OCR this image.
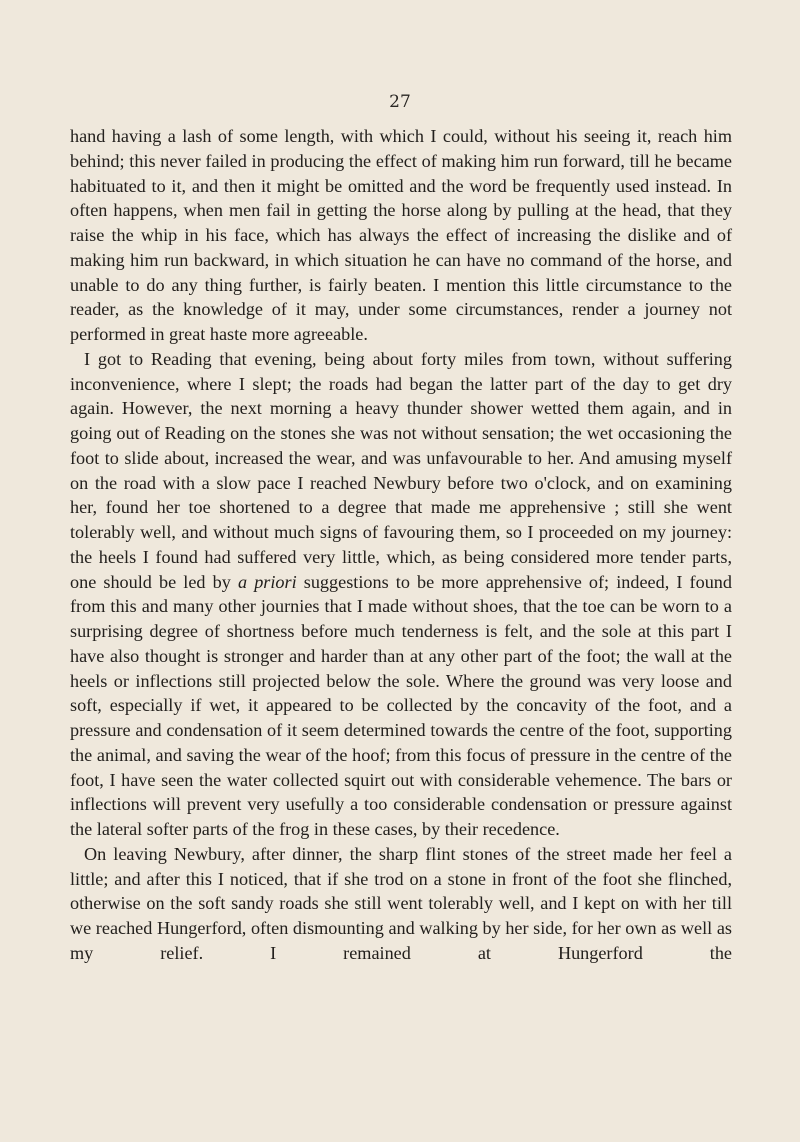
27

hand having a lash of some length, with which I could, without his seeing it, reach him behind; this never failed in producing the effect of making him run forward, till he became habituated to it, and then it might be omitted and the word be frequently used instead. In often happens, when men fail in getting the horse along by pulling at the head, that they raise the whip in his face, which has always the effect of increasing the dislike and of making him run backward, in which situation he can have no command of the horse, and unable to do any thing further, is fairly beaten. I mention this little circumstance to the reader, as the knowledge of it may, under some circumstances, render a journey not performed in great haste more agreeable.

I got to Reading that evening, being about forty miles from town, without suffering inconvenience, where I slept; the roads had began the latter part of the day to get dry again. However, the next morning a heavy thunder shower wetted them again, and in going out of Reading on the stones she was not without sensation; the wet occasioning the foot to slide about, increased the wear, and was unfavourable to her. And amusing myself on the road with a slow pace I reached Newbury before two o'clock, and on examining her, found her toe shortened to a degree that made me apprehensive ; still she went tolerably well, and without much signs of favouring them, so I proceeded on my journey: the heels I found had suffered very little, which, as being considered more tender parts, one should be led by a priori suggestions to be more apprehensive of; indeed, I found from this and many other journies that I made without shoes, that the toe can be worn to a surprising degree of shortness before much tenderness is felt, and the sole at this part I have also thought is stronger and harder than at any other part of the foot; the wall at the heels or inflections still projected below the sole. Where the ground was very loose and soft, especially if wet, it appeared to be collected by the concavity of the foot, and a pressure and condensation of it seem determined towards the centre of the foot, supporting the animal, and saving the wear of the hoof; from this focus of pressure in the centre of the foot, I have seen the water collected squirt out with considerable vehemence. The bars or inflections will prevent very usefully a too considerable condensation or pressure against the lateral softer parts of the frog in these cases, by their recedence.

On leaving Newbury, after dinner, the sharp flint stones of the street made her feel a little; and after this I noticed, that if she trod on a stone in front of the foot she flinched, otherwise on the soft sandy roads she still went tolerably well, and I kept on with her till we reached Hungerford, often dismounting and walking by her side, for her own as well as my relief. I remained at Hungerford the
